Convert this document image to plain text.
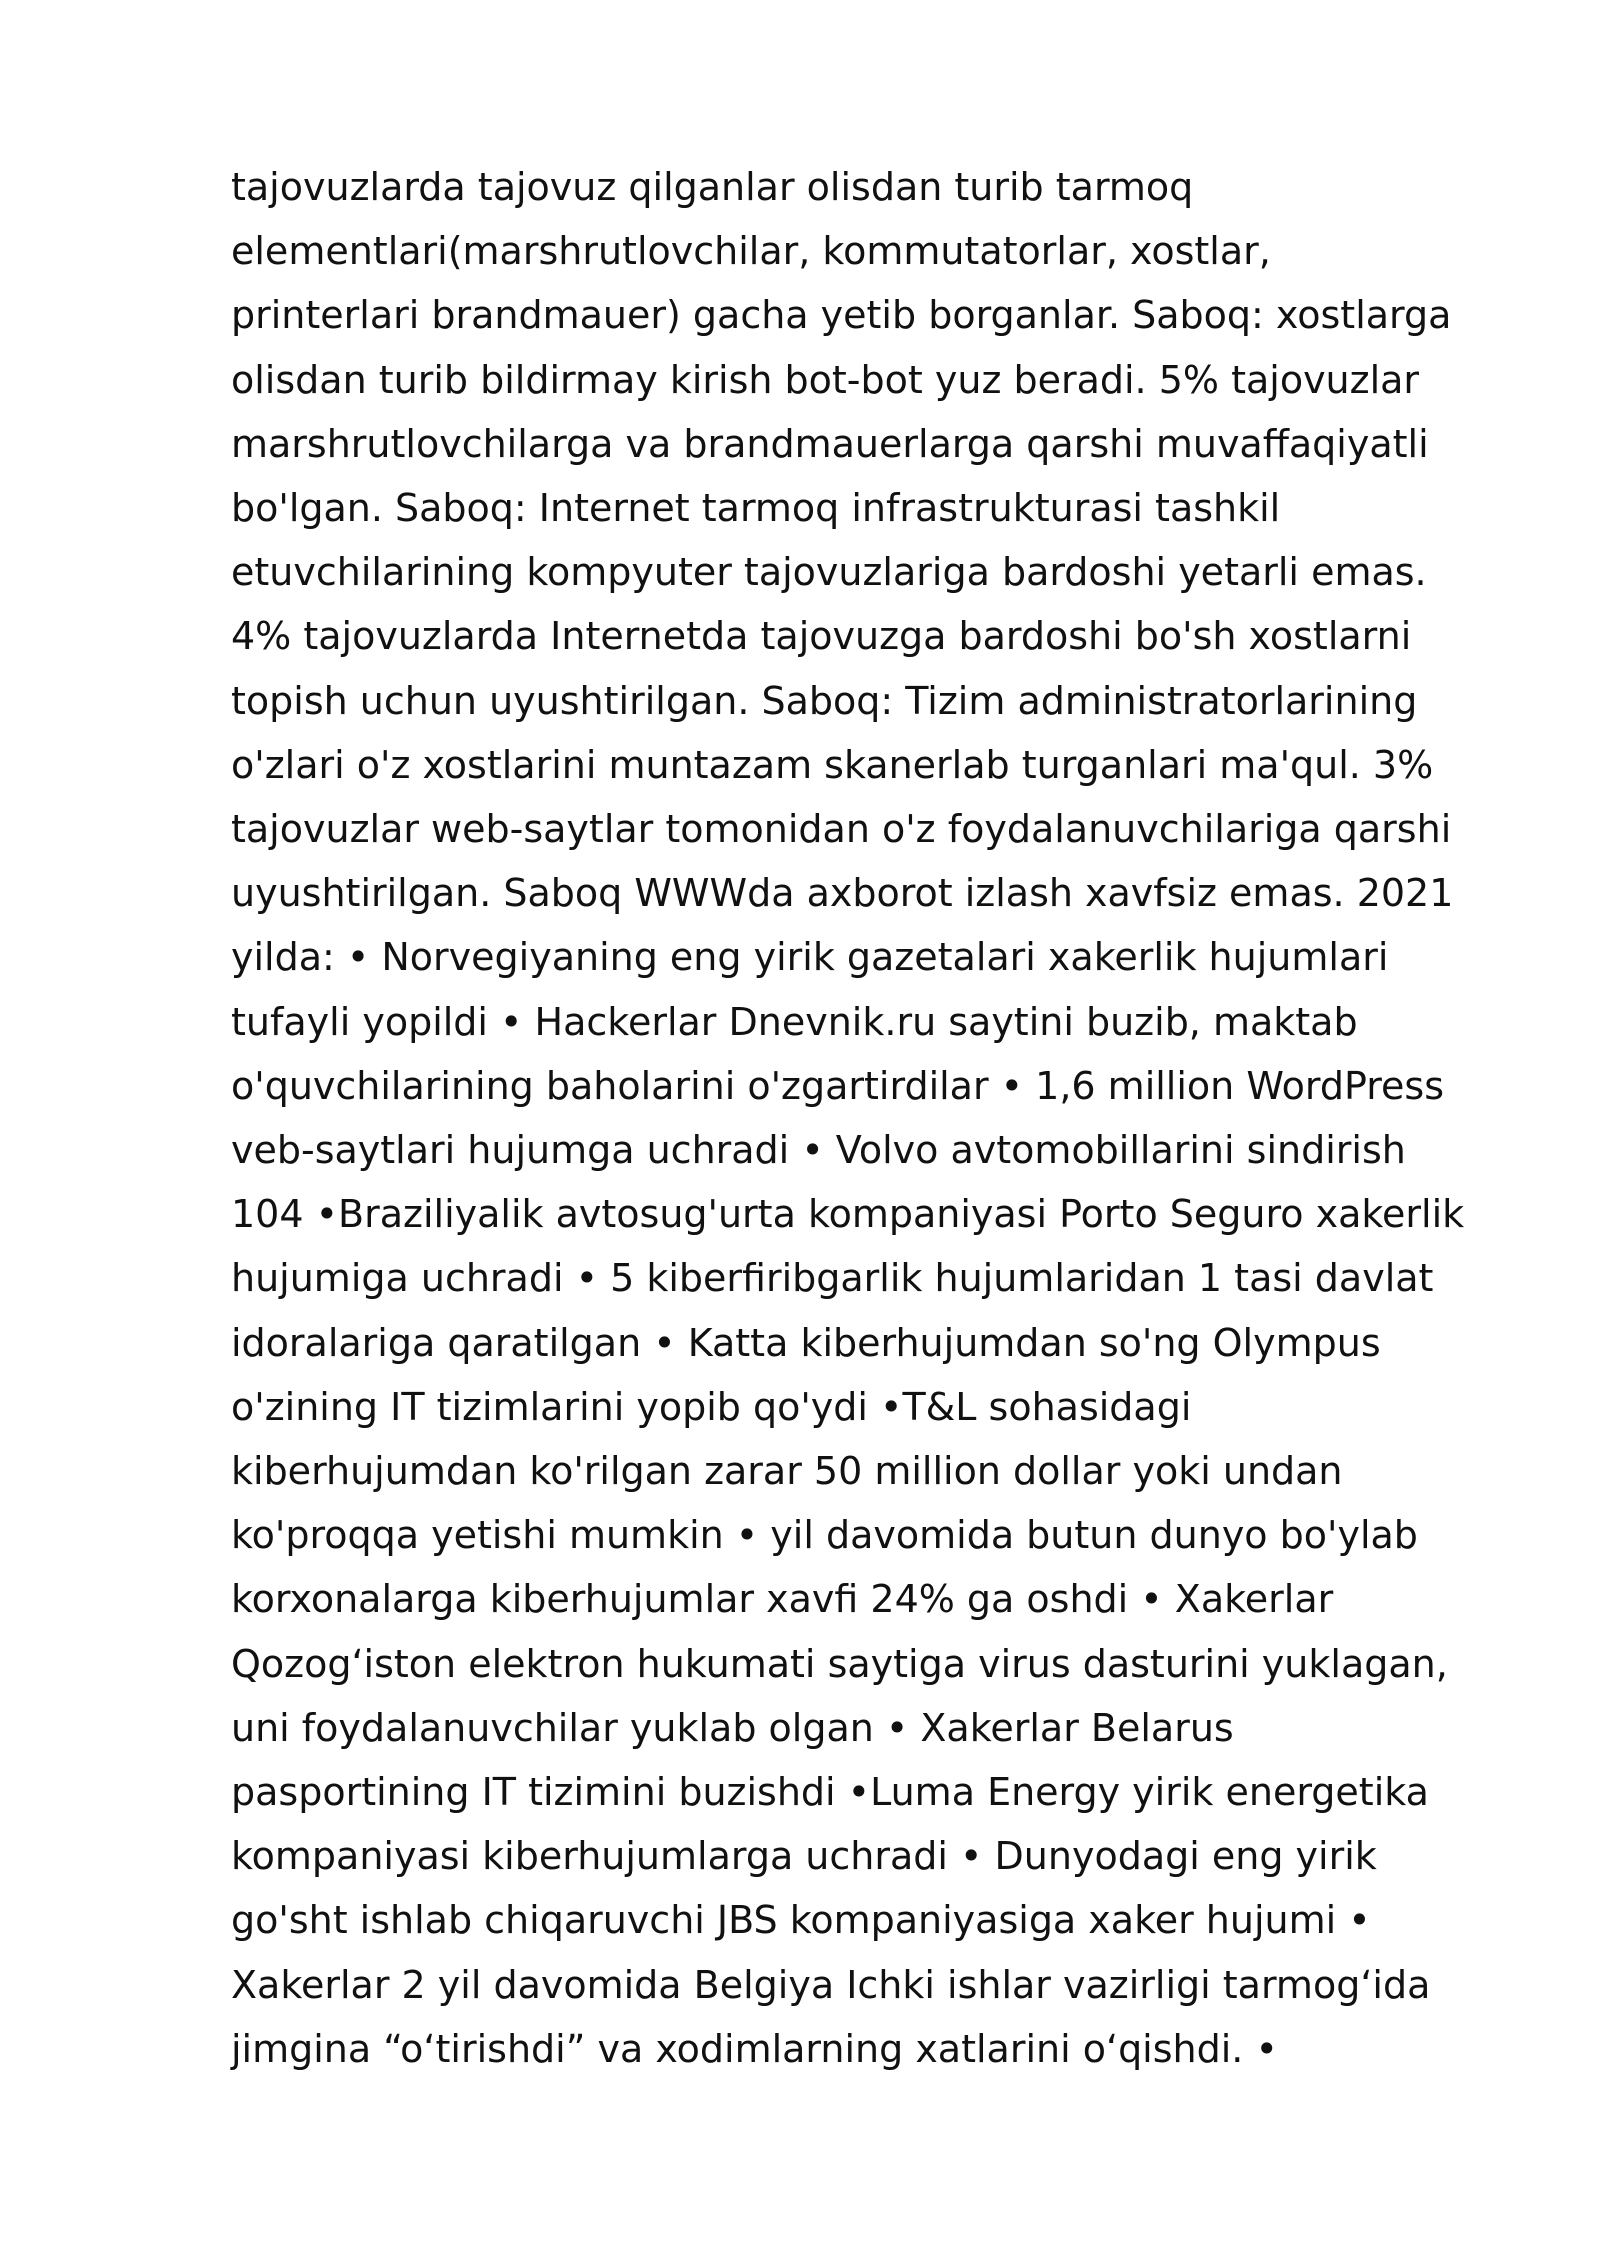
tajovuzlarda tajovuz qilganlar olisdan turib tarmoq
elementlari(marshrutlovchilar, kommutatorlar, xostlar,
printerlari brandmauer) gacha yetib borganlar. Saboq: xostlarga
olisdan turib bildirmay kirish bot-bot yuz beradi. 5% tajovuzlar
marshrutlovchilarga va brandmauerlarga qarshi muvaffaqiyatli
bo'lgan. Saboq: Internet tarmoq infrastrukturasi tashkil
etuvchilarining kompyuter tajovuzlariga bardoshi yetarli emas.
4% tajovuzlarda Internetda tajovuzga bardoshi bo'sh xostlarni
topish uchun uyushtirilgan. Saboq: Tizim administratorlarining
o'zlari o'z xostlarini muntazam skanerlab turganlari ma'qul. 3%
tajovuzlar web-saytlar tomonidan o'z foydalanuvchilariga qarshi
uyushtirilgan. Saboq WWWda axborot izlash xavfsiz emas. 2021
yilda: • Norvegiyaning eng yirik gazetalari xakerlik hujumlari
tufayli yopildi • Hackerlar Dnevnik.ru saytini buzib, maktab
o'quvchilarining baholarini o'zgartirdilar • 1,6 million WordPress
veb-saytlari hujumga uchradi • Volvo avtomobillarini sindirish
104 •Braziliyalik avtosug'urta kompaniyasi Porto Seguro xakerlik
hujumiga uchradi • 5 kiberfiribgarlik hujumlaridan 1 tasi davlat
idoralariga qaratilgan • Katta kiberhujumdan so'ng Olympus
o'zining IT tizimlarini yopib qo'ydi •T&L sohasidagi
kiberhujumdan ko'rilgan zarar 50 million dollar yoki undan
ko'proqqa yetishi mumkin • yil davomida butun dunyo bo'ylab
korxonalarga kiberhujumlar xavfi 24% ga oshdi • Xakerlar
Qozog‘iston elektron hukumati saytiga virus dasturini yuklagan,
uni foydalanuvchilar yuklab olgan • Xakerlar Belarus
pasportining IT tizimini buzishdi •Luma Energy yirik energetika
kompaniyasi kiberhujumlarga uchradi • Dunyodagi eng yirik
go'sht ishlab chiqaruvchi JBS kompaniyasiga xaker hujumi •
Xakerlar 2 yil davomida Belgiya Ichki ishlar vazirligi tarmog‘ida
jimgina “o‘tirishdi” va xodimlarning xatlarini o‘qishdi. •
